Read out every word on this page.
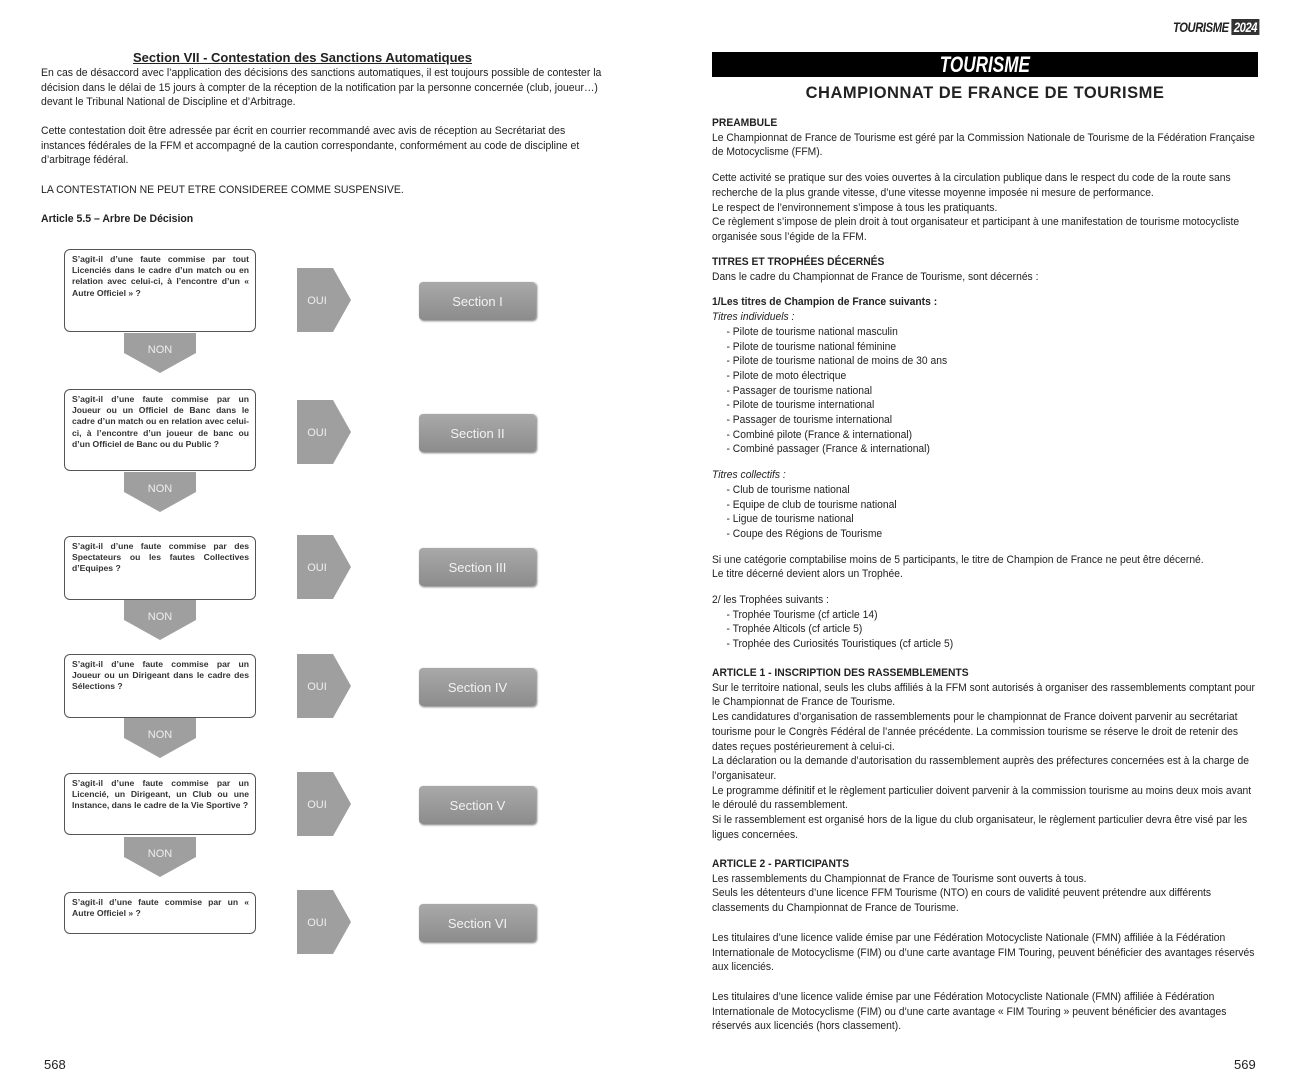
Section VII - Contestation des Sanctions Automatiques
En cas de désaccord avec l’application des décisions des sanctions automatiques, il est toujours possible de contester la décision dans le délai de 15 jours à compter de la réception de la notification par la personne concernée (club, joueur…) devant le Tribunal National de Discipline et d’Arbitrage.
Cette contestation doit être adressée par écrit en courrier recommandé avec avis de réception au Secrétariat des instances fédérales de la FFM et accompagné de la caution correspondante, conformément au code de discipline et d’arbitrage fédéral.
LA CONTESTATION NE PEUT ETRE CONSIDEREE COMME SUSPENSIVE.
Article 5.5 – Arbre De Décision
S’agit-il d’une faute commise par tout Licenciés dans le cadre d’un match ou en relation avec celui-ci, à l’encontre d’un « Autre Officiel » ?
OUI	Section I
NON
S’agit-il d’une faute commise par un Joueur ou un Officiel de Banc dans le cadre d’un match ou en relation avec celui-ci, à l’encontre d’un joueur de banc ou d’un Officiel de Banc ou du Public ?
OUI	Section II
NON
S’agit-il d’une faute commise par des Spectateurs ou les fautes Collectives d’Equipes ?	OUI	Section III
NON
S’agit-il d’une faute commise par un Joueur ou un Dirigeant dans le cadre des Sélections ?	OUI	Section IV
NON
S’agit-il d’une faute commise par un Licencié, un Dirigeant, un Club ou une Instance, dans le cadre de la Vie Sportive ?	OUI	Section V
NON
S’agit-il d’une faute commise par un « Autre Officiel » ?
OUI	Section VI
568
TOURISME 2024
TOURISME
CHAMPIONNAT DE FRANCE DE TOURISME
PREAMBULE
Le Championnat de France de Tourisme est géré par la Commission Nationale de Tourisme de la Fédération Française de Motocyclisme (FFM).
Cette activité se pratique sur des voies ouvertes à la circulation publique dans le respect du code de la route sans recherche de la plus grande vitesse, d’une vitesse moyenne imposée ni mesure de performance.
Le respect de l’environnement s’impose à tous les pratiquants.
Ce règlement s’impose de plein droit à tout organisateur et participant à une manifestation de tourisme motocycliste organisée sous l’égide de la FFM.
TITRES ET TROPHÉES DÉCERNÉS
Dans le cadre du Championnat de France de Tourisme, sont décernés :
1/Les titres de Champion de France suivants :
Titres individuels :
- Pilote de tourisme national masculin
- Pilote de tourisme national féminine
- Pilote de tourisme national de moins de 30 ans
- Pilote de moto électrique
- Passager de tourisme national
- Pilote de tourisme international
- Passager de tourisme international
- Combiné pilote (France & international)
- Combiné passager (France & international)
Titres collectifs :
- Club de tourisme national
- Equipe de club de tourisme national
- Ligue de tourisme national
- Coupe des Régions de Tourisme
Si une catégorie comptabilise moins de 5 participants, le titre de Champion de France ne peut être décerné.
Le titre décerné devient alors un Trophée.
2/ les Trophées suivants :
- Trophée Tourisme (cf article 14)
- Trophée Alticols (cf article 5)
- Trophée des Curiosités Touristiques (cf article 5)
ARTICLE 1 - INSCRIPTION DES RASSEMBLEMENTS
Sur le territoire national, seuls les clubs affiliés à la FFM sont autorisés à organiser des rassemblements comptant pour le Championnat de France de Tourisme.
Les candidatures d’organisation de rassemblements pour le championnat de France doivent parvenir au secrétariat tourisme pour le Congrès Fédéral de l’année précédente. La commission tourisme se réserve le droit de retenir des dates reçues postérieurement à celui-ci.
La déclaration ou la demande d’autorisation du rassemblement auprès des préfectures concernées est à la charge de l’organisateur.
Le programme définitif et le règlement particulier doivent parvenir à la commission tourisme au moins deux mois avant le déroulé du rassemblement.
Si le rassemblement est organisé hors de la ligue du club organisateur, le règlement particulier devra être visé par les ligues concernées.
ARTICLE 2 - PARTICIPANTS
Les rassemblements du Championnat de France de Tourisme sont ouverts à tous.
Seuls les détenteurs d’une licence FFM Tourisme (NTO) en cours de validité peuvent prétendre aux différents classements du Championnat de France de Tourisme.
Les titulaires d’une licence valide émise par une Fédération Motocycliste Nationale (FMN) affiliée à la Fédération Internationale de Motocyclisme (FIM) ou d’une carte avantage FIM Touring, peuvent bénéficier des avantages réservés aux licenciés.
Les titulaires d’une licence valide émise par une Fédération Motocycliste Nationale (FMN) affiliée à Fédération Internationale de Motocyclisme (FIM) ou d’une carte avantage « FIM Touring » peuvent bénéficier des avantages réservés aux licenciés (hors classement).
569
